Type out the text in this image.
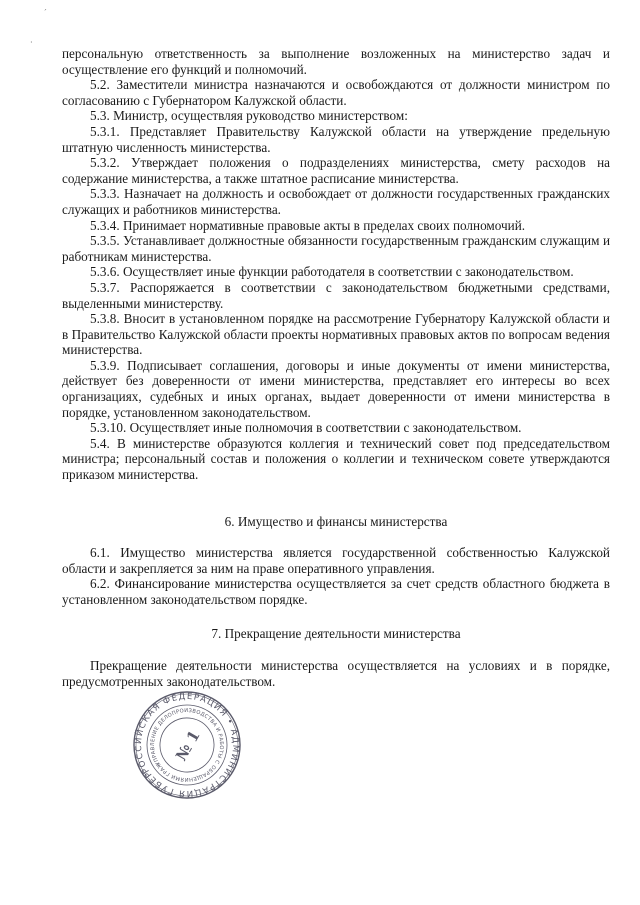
ˊ
·

персональную ответственность за выполнение возложенных на министерство задач и осуществление его функций и полномочий.

5.2. Заместители министра назначаются и освобождаются от должности министром по согласованию с Губернатором Калужской области.

5.3. Министр, осуществляя руководство министерством:

5.3.1. Представляет Правительству Калужской области на утверждение предельную штатную численность министерства.

5.3.2. Утверждает положения о подразделениях министерства, смету расходов на содержание министерства, а также штатное расписание министерства.

5.3.3. Назначает на должность и освобождает от должности государственных гражданских служащих и работников министерства.

5.3.4. Принимает нормативные правовые акты в пределах своих полномочий.

5.3.5. Устанавливает должностные обязанности государственным гражданским служащим и работникам министерства.

5.3.6. Осуществляет иные функции работодателя в соответствии с законодательством.

5.3.7. Распоряжается в соответствии с законодательством бюджетными средствами, выделенными министерству.

5.3.8. Вносит в установленном порядке на рассмотрение Губернатору Калужской области и в Правительство Калужской области проекты нормативных правовых актов по вопросам ведения министерства.

5.3.9. Подписывает соглашения, договоры и иные документы от имени министерства, действует без доверенности от имени министерства, представляет его интересы во всех организациях, судебных и иных органах, выдает доверенности от имени министерства в порядке, установленном законодательством.

5.3.10. Осуществляет иные полномочия в соответствии с законодательством.

5.4. В министерстве образуются коллегия и технический совет под председательством министра; персональный состав и положения о коллегии и техническом совете утверждаются приказом министерства.

6. Имущество и финансы министерства

6.1. Имущество министерства является государственной собственностью Калужской области и закрепляется за ним на праве оперативного управления.

6.2. Финансирование министерства осуществляется за счет средств областного бюджета в установленном законодательством порядке.

7. Прекращение деятельности министерства

Прекращение деятельности министерства осуществляется на условиях и в порядке, предусмотренных законодательством.

РОССИЙСКАЯ ФЕДЕРАЦИЯ • АДМИНИСТРАЦИЯ ГУБЕРНАТОРА
УПРАВЛЕНИЕ ДЕЛОПРОИЗВОДСТВА И РАБОТЫ С ОБРАЩЕНИЯМИ ГРАЖДАН	№ 1
